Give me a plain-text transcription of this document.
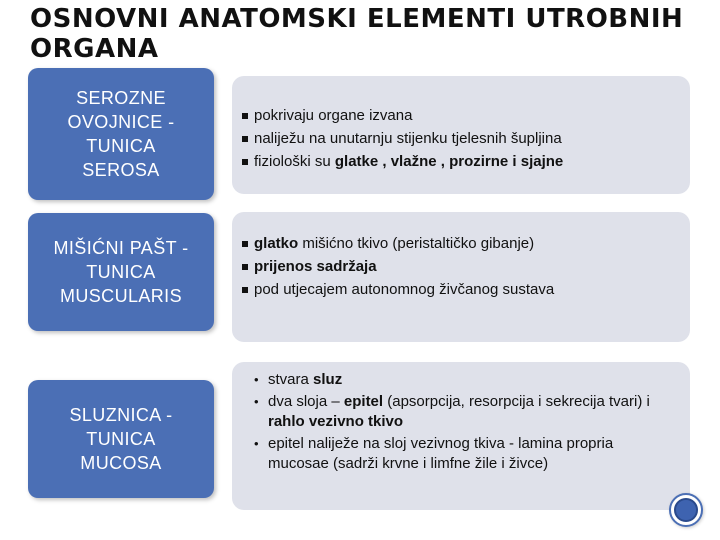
OSNOVNI ANATOMSKI ELEMENTI UTROBNIH ORGANA
SEROZNE
OVOJNICE -
TUNICA
SEROSA
pokrivaju organe izvana
naliježu na unutarnju stijenku tjelesnih šupljina
fiziološki su glatke , vlažne , prozirne i sjajne
MIŠIĆNI PAŠT -
TUNICA
MUSCULARIS
glatko mišićno tkivo (peristaltičko gibanje)
prijenos sadržaja
pod utjecajem autonomnog živčanog sustava
SLUZNICA -
TUNICA
MUCOSA
• stvara sluz
• dva sloja – epitel (apsorpcija, resorpcija i sekrecija tvari) i rahlo vezivno tkivo
• epitel naliježe na sloj vezivnog tkiva - lamina propria mucosae (sadrži krvne i limfne žile i živce)
